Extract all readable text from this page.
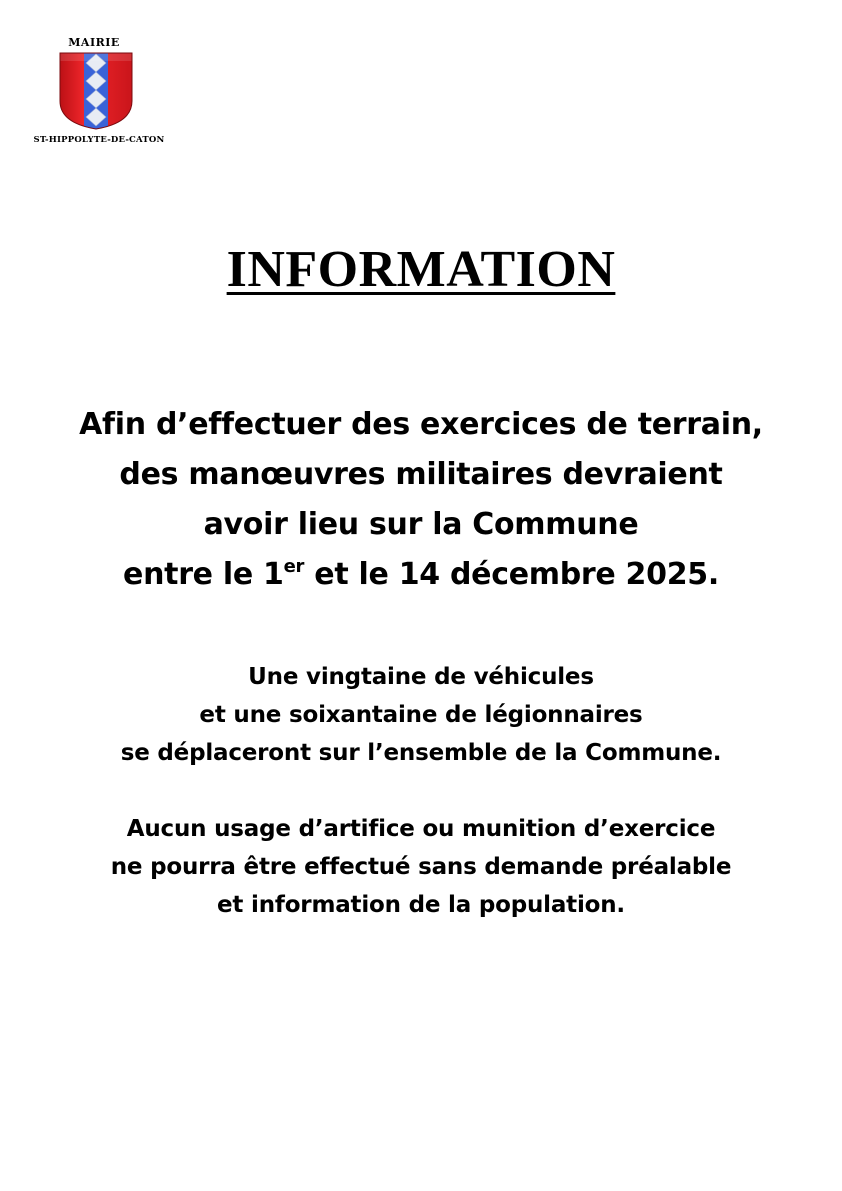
MAIRIE
ST-HIPPOLYTE-DE-CATON
INFORMATION
Afin d’effectuer des exercices de terrain,
des manœuvres militaires devraient
avoir lieu sur la Commune
entre le 1er et le 14 décembre 2025.
Une vingtaine de véhicules
et une soixantaine de légionnaires
se déplaceront sur l’ensemble de la Commune.
Aucun usage d’artifice ou munition d’exercice
ne pourra être effectué sans demande préalable
et information de la population.
